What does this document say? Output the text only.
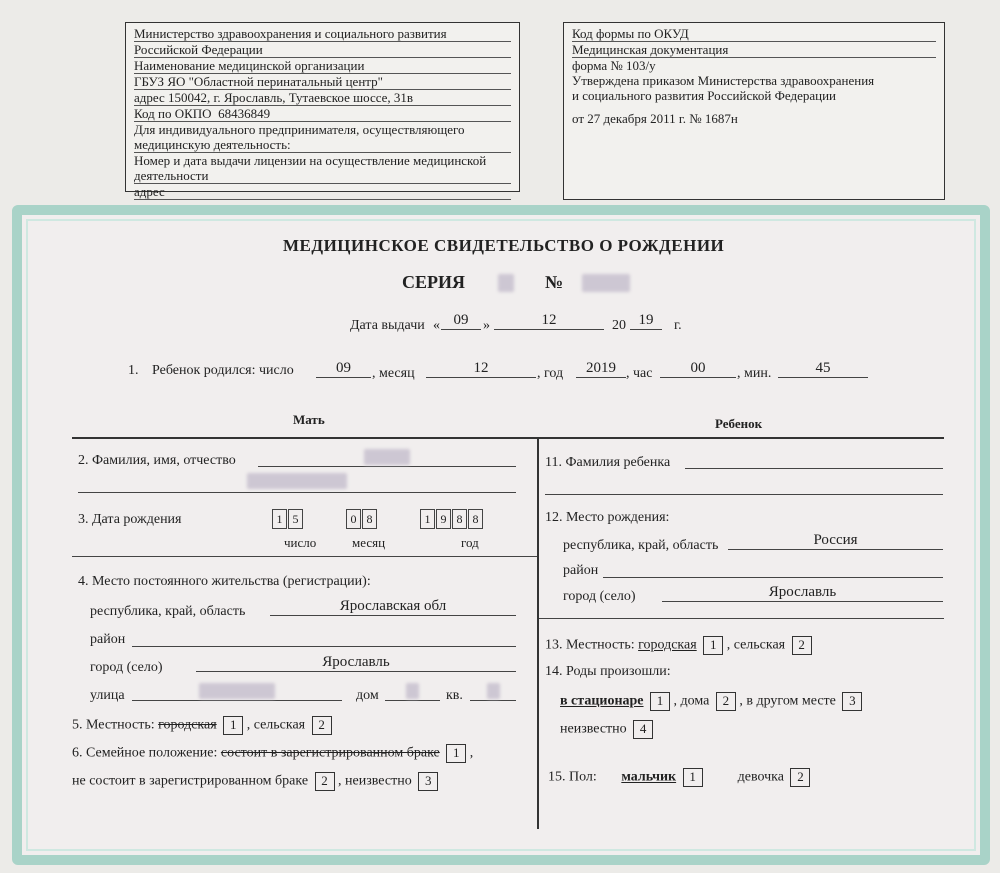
Министерство здравоохранения и социального развития
Российской Федерации
Наименование медицинской организации
ГБУЗ ЯО "Областной перинатальный центр"
адрес 150042, г. Ярославль, Тутаевское шоссе, 31в
Код по ОКПО 68436849
Для индивидуального предпринимателя, осуществляющего
медицинскую деятельность:
Номер и дата выдачи лицензии на осуществление медицинской
деятельности
адрес
Код формы по ОКУД
Медицинская документация
форма № 103/у
Утверждена приказом Министерства здравоохранения
и социального развития Российской Федерации
от 27 декабря 2011 г. № 1687н
МЕДИЦИНСКОЕ СВИДЕТЕЛЬСТВО О РОЖДЕНИИ
СЕРИЯ	№
Дата выдачи « 09	»	12	20 19	г.
1. Ребенок родился: число	09	, месяц	12	, год	2019 , час	00	, мин.	45
Мать	Ребенок
2. Фамилия, имя, отчество
3. Дата рождения	1 5	0 8	1 9 8 8
число	месяц	год
4. Место постоянного жительства (регистрации):
республика, край, область	Ярославская обл
район
город (село)	Ярославль
улица	дом	кв.
5. Местность: городская 1 , сельская 2
6. Семейное положение: состоит в зарегистрированном браке 1 ,
не состоит в зарегистрированном браке 2 , неизвестно 3
11. Фамилия ребенка
12. Место рождения:
республика, край, область	Россия
район
город (село)	Ярославль
13. Местность: городская 1 , сельская 2
14. Роды произошли:
в стационаре 1 , дома 2 , в другом месте 3
неизвестно 4
15. Пол: мальчик 1	девочка 2
